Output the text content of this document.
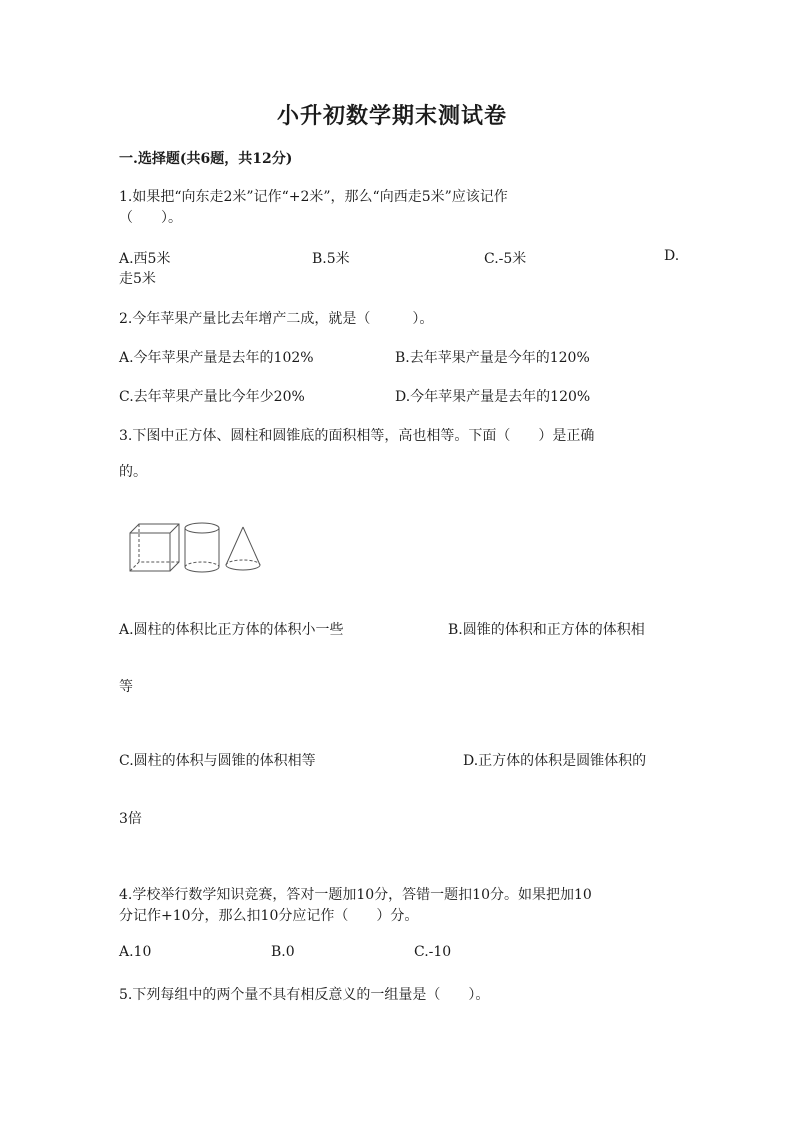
小升初数学期末测试卷
一.选择题(共6题，共12分)
1.如果把“向东走2米”记作“+2米”，那么“向西走5米”应该记作
（　　）。
A.西5米	B.5米	C.-5米	D.
走5米
2.今年苹果产量比去年增产二成，就是（　　　）。
A.今年苹果产量是去年的102%	B.去年苹果产量是今年的120%
C.去年苹果产量比今年少20%	D.今年苹果产量是去年的120%
3.下图中正方体、圆柱和圆锥底的面积相等，高也相等。下面（　　）是正确
的。
A.圆柱的体积比正方体的体积小一些	B.圆锥的体积和正方体的体积相
等
C.圆柱的体积与圆锥的体积相等	D.正方体的体积是圆锥体积的
3倍
4.学校举行数学知识竞赛，答对一题加10分，答错一题扣10分。如果把加10
分记作+10分，那么扣10分应记作（　　）分。
A.10	B.0	C.-10
5.下列每组中的两个量不具有相反意义的一组量是（　　）。
